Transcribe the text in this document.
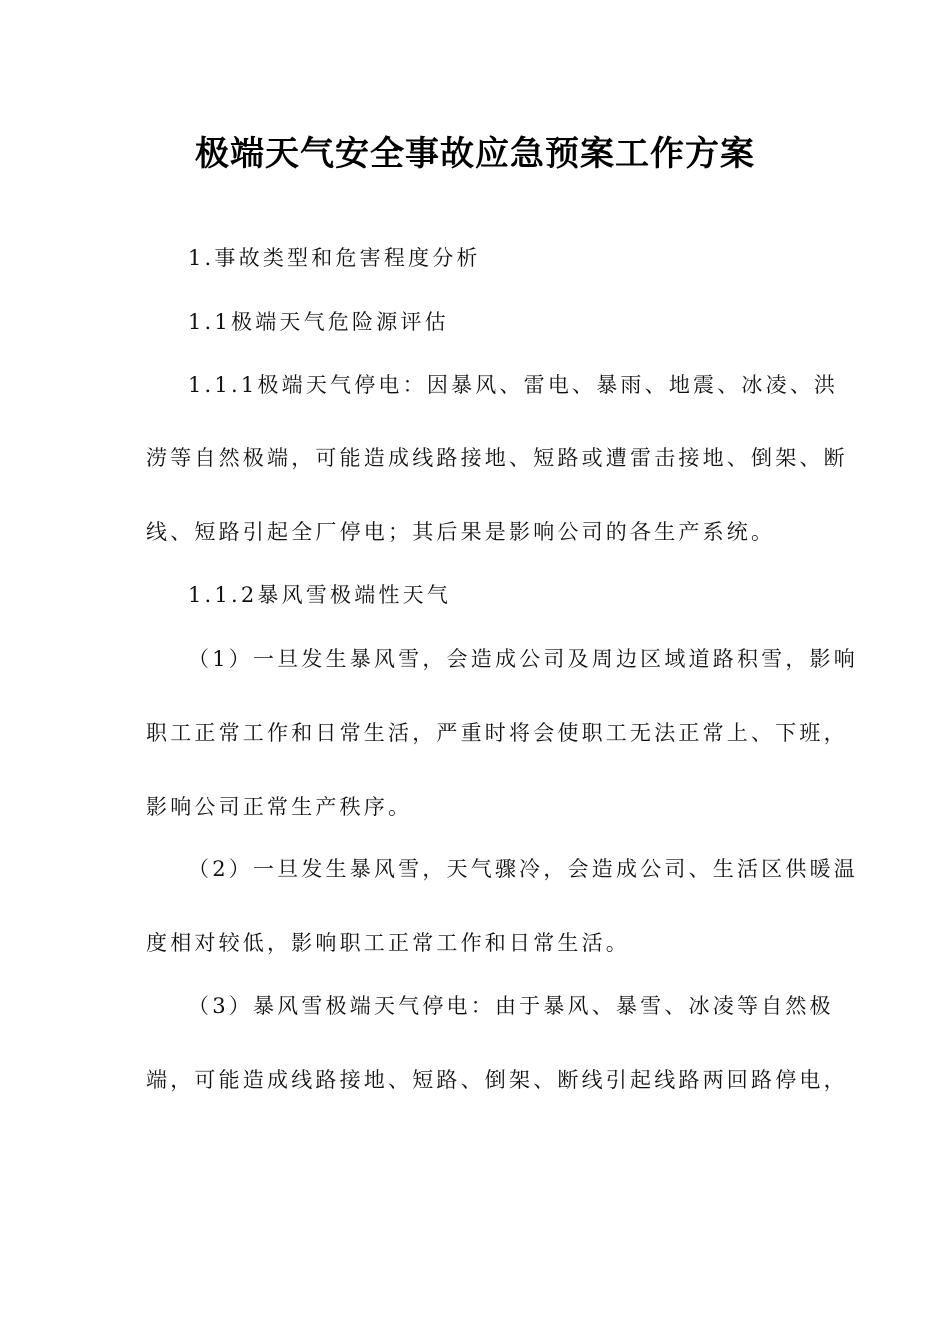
极端天气安全事故应急预案工作方案
1.事故类型和危害程度分析
1.1极端天气危险源评估
1.1.1极端天气停电：因暴风、雷电、暴雨、地震、冰凌、洪
涝等自然极端，可能造成线路接地、短路或遭雷击接地、倒架、断
线、短路引起全厂停电；其后果是影响公司的各生产系统。
1.1.2暴风雪极端性天气
（1）一旦发生暴风雪，会造成公司及周边区域道路积雪，影响
职工正常工作和日常生活，严重时将会使职工无法正常上、下班，
影响公司正常生产秩序。
（2）一旦发生暴风雪，天气骤冷，会造成公司、生活区供暖温
度相对较低，影响职工正常工作和日常生活。
（3）暴风雪极端天气停电：由于暴风、暴雪、冰凌等自然极
端，可能造成线路接地、短路、倒架、断线引起线路两回路停电，
